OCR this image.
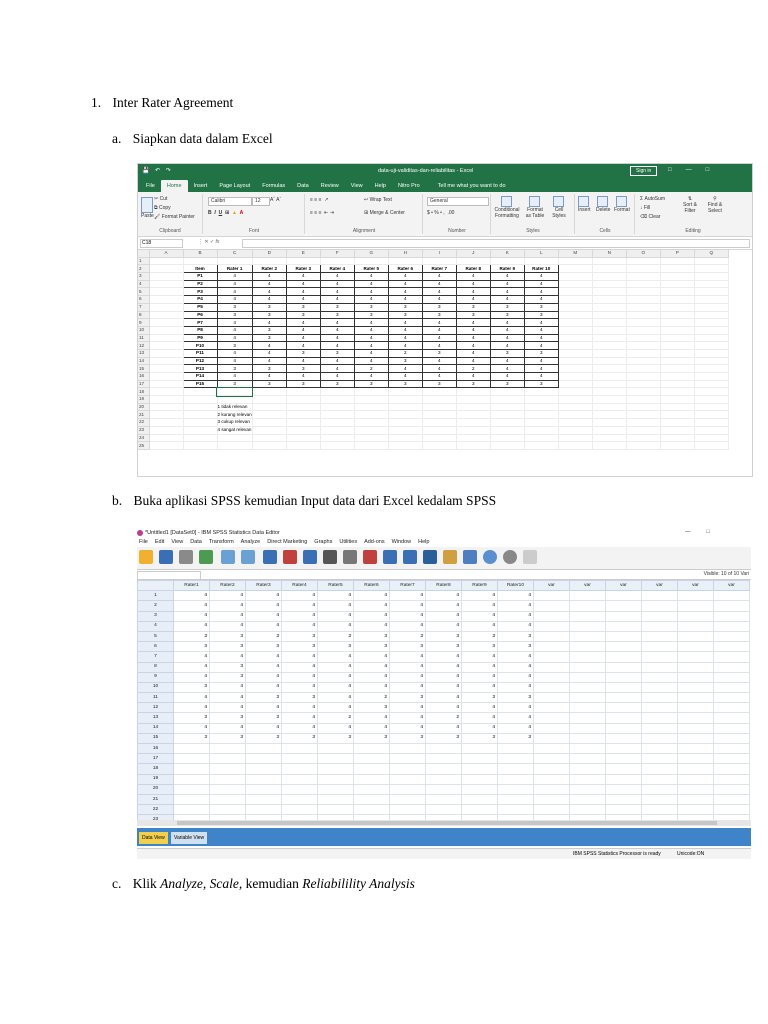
1. Inter Rater Agreement
a. Siapkan data dalam Excel
b. Buka aplikasi SPSS kemudian Input data dari Excel kedalam SPSS
c. Klik Analyze, Scale, kemudian Reliabilility Analysis
💾 ↶ ↷	data-uji-validitas-dan-reliabilitas - Excel	Sign in	□—□
File	Home	Insert	Page Layout	Formulas	Data	Review	View	Help	Nitro Pro	Tell me what you want to do

Paste
✂ Cut
⧉ Copy
🖌 Format Painter
Clipboard
Calibri	12	Aˆ Aˇ
B  I U  ⊞  ▲ A
Font
≡ ≡ ≡  ↗	↩ Wrap Text
≡ ≡ ≡  ⇤ ⇥	⊞ Merge & Center
Alignment
General
$ • % • ,  .00
Number

Conditional Formatting

Format as Table

Cell Styles
Styles

Insert Delete Format
Cells
Σ AutoSum
↓ Fill
⌫ Clear
⇅
Sort & Filter
⚲
Find & Select
Editing
C18	⋮ ✕ ✓ fx
	A	B	C	D	E	F	G	H	I	J	K	L	M	N	O	P	Q
1																	
2		Item	Rater 1	Rater 2	Rater 3	Rater 4	Rater 5	Rater 6	Rater 7	Rater 8	Rater 9	Rater 10					
3		P1	4	4	4	4	4	4	4	4	4	4					
4		P2	4	4	4	4	4	4	4	4	4	4					
5		P3	4	4	4	4	4	4	4	4	4	4					
6		P4	4	4	4	4	4	4	4	4	4	4					
7		P5	3	3	3	3	3	3	3	3	3	3					
8		P6	3	3	3	3	3	3	3	3	3	3					
9		P7	4	4	4	4	4	4	4	4	4	4					
10		P8	4	3	4	4	4	4	4	4	4	4					
11		P9	4	3	4	4	4	4	4	4	4	4					
12		P10	3	4	4	4	4	4	4	4	4	4					
13		P11	4	4	3	3	4	2	3	4	3	3					
14		P12	4	4	4	4	4	3	4	4	4	4					
15		P13	3	3	3	4	2	4	4	2	4	4					
16		P14	4	4	4	4	4	4	4	4	4	4					
17		P15	3	3	3	3	3	3	3	3	3	3					
18																	
19																	
20			1 tidak relevan														
21			2 kurang relevan														
22			3 cukup relevan														
23			4 sangat relevan														
24																	
25																	
*Untitled1 [DataSet0] - IBM SPSS Statistics Data Editor	—□
File Edit View Data Transform Analyze Direct Marketing Graphs Utilities Add-ons Window Help
Visible: 10 of 10 Vari
	Rater1	Rater2	Rater3	Rater4	Rater5	Rater6	Rater7	Rater8	Rater9	Rater10	var	var	var	var	var	var
1	4	4	4	4	4	4	4	4	4	4						
2	4	4	4	4	4	4	4	4	4	4						
3	4	4	4	4	4	4	4	4	4	4						
4	4	4	4	4	4	4	4	4	4	4						
5	3	3	3	3	3	3	3	3	3	3						
6	3	3	3	3	3	3	3	3	3	3						
7	4	4	4	4	4	4	4	4	4	4						
8	4	3	4	4	4	4	4	4	4	4						
9	4	3	4	4	4	4	4	4	4	4						
10	3	4	4	4	4	4	4	4	4	4						
11	4	4	3	3	4	2	3	4	3	3						
12	4	4	4	4	4	3	4	4	4	4						
13	3	3	3	4	2	4	4	2	4	4						
14	4	4	4	4	4	4	4	4	4	4						
15	3	3	3	3	3	3	3	3	3	3						
16																
17																
18																
19																
20																
21																
22																

Data View	Variable View
IBM SPSS Statistics Processor is ready	Unicode:ON
